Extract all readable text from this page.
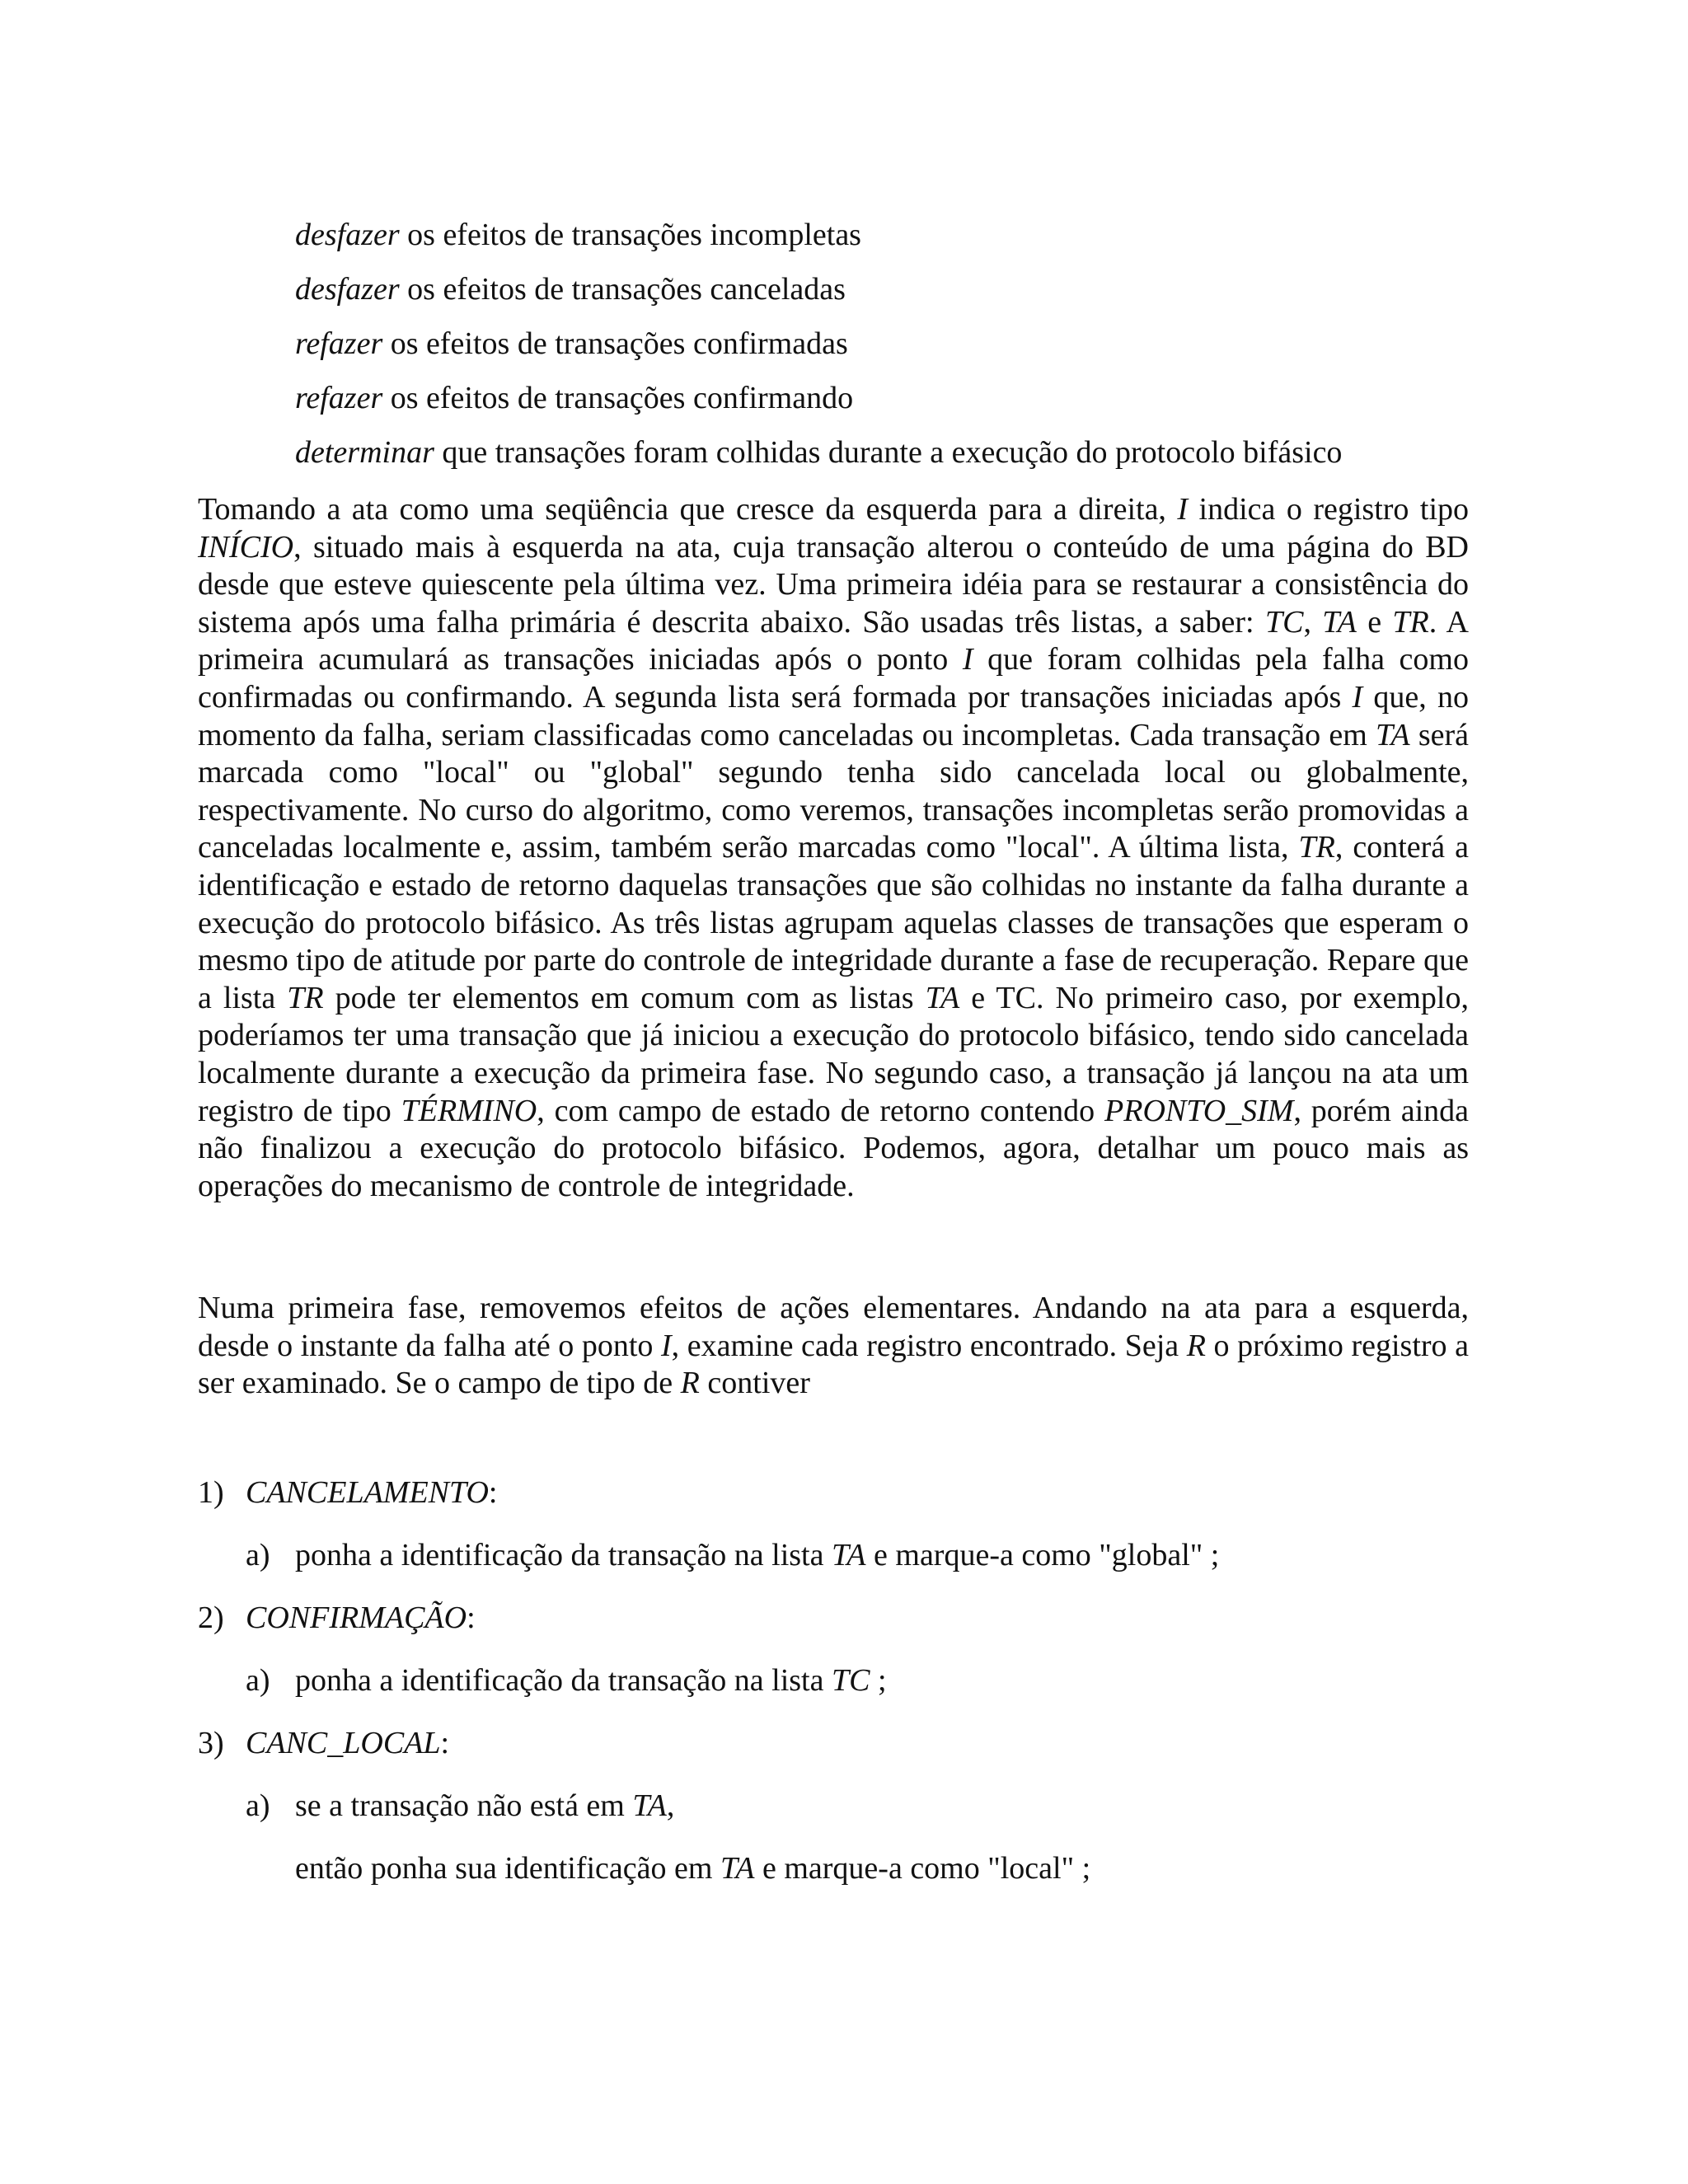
desfazer os efeitos de transações incompletas
desfazer os efeitos de transações canceladas
refazer os efeitos de transações confirmadas
refazer os efeitos de transações confirmando
determinar que transações foram colhidas durante a execução do protocolo bifásico

Tomando a ata como uma seqüência que cresce da esquerda para a direita, I indica o registro tipo INÍCIO, situado mais à esquerda na ata, cuja transação alterou o conteúdo de uma página do BD desde que esteve quiescente pela última vez. Uma primeira idéia para se restaurar a consistência do sistema após uma falha primária é descrita abaixo. São usadas três listas, a saber: TC, TA e TR. A primeira acumulará as transações iniciadas após o ponto I que foram colhidas pela falha como confirmadas ou confirmando. A segunda lista será formada por transações iniciadas após I que, no momento da falha, seriam classificadas como canceladas ou incompletas. Cada transação em TA será marcada como "local" ou "global" segundo tenha sido cancelada local ou globalmente, respectivamente. No curso do algoritmo, como veremos, transações incompletas serão promovidas a canceladas localmente e, assim, também serão marcadas como "local". A última lista, TR, conterá a identificação e estado de retorno daquelas transações que são colhidas no instante da falha durante a execução do protocolo bifásico. As três listas agrupam aquelas classes de transações que esperam o mesmo tipo de atitude por parte do controle de integridade durante a fase de recuperação. Repare que a lista TR pode ter elementos em comum com as listas TA e TC. No primeiro caso, por exemplo, poderíamos ter uma transação que já iniciou a execução do protocolo bifásico, tendo sido cancelada localmente durante a execução da primeira fase. No segundo caso, a transação já lançou na ata um registro de tipo TÉRMINO, com campo de estado de retorno contendo PRONTO_SIM, porém ainda não finalizou a execução do protocolo bifásico. Podemos, agora, detalhar um pouco mais as operações do mecanismo de controle de integridade.

Numa primeira fase, removemos efeitos de ações elementares. Andando na ata para a esquerda, desde o instante da falha até o ponto I, examine cada registro encontrado. Seja R o próximo registro a ser examinado. Se o campo de tipo de R contiver

1) CANCELAMENTO:
a) ponha a identificação da transação na lista TA e marque-a como "global" ;
2) CONFIRMAÇÃO:
a) ponha a identificação da transação na lista TC ;
3) CANC_LOCAL:
a) se a transação não está em TA,
então ponha sua identificação em TA e marque-a como "local" ;
